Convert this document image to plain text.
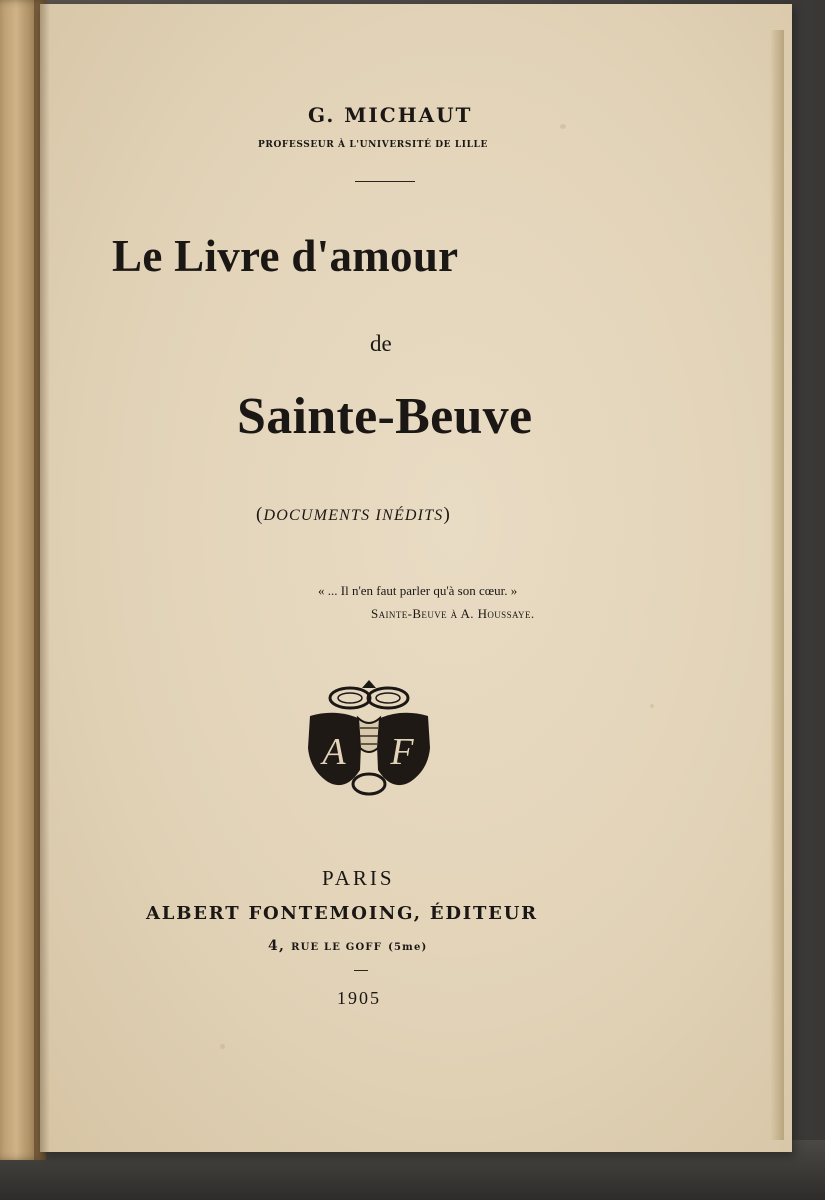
G. MICHAUT
PROFESSEUR À L'UNIVERSITÉ DE LILLE
Le Livre d'amour
de
Sainte-Beuve
(DOCUMENTS INÉDITS)
« ... Il n'en faut parler qu'à son cœur. »
Sainte-Beuve à A. Houssaye.
A F
PARIS
ALBERT FONTEMOING, ÉDITEUR
4, RUE LE GOFF (5me)
1905
